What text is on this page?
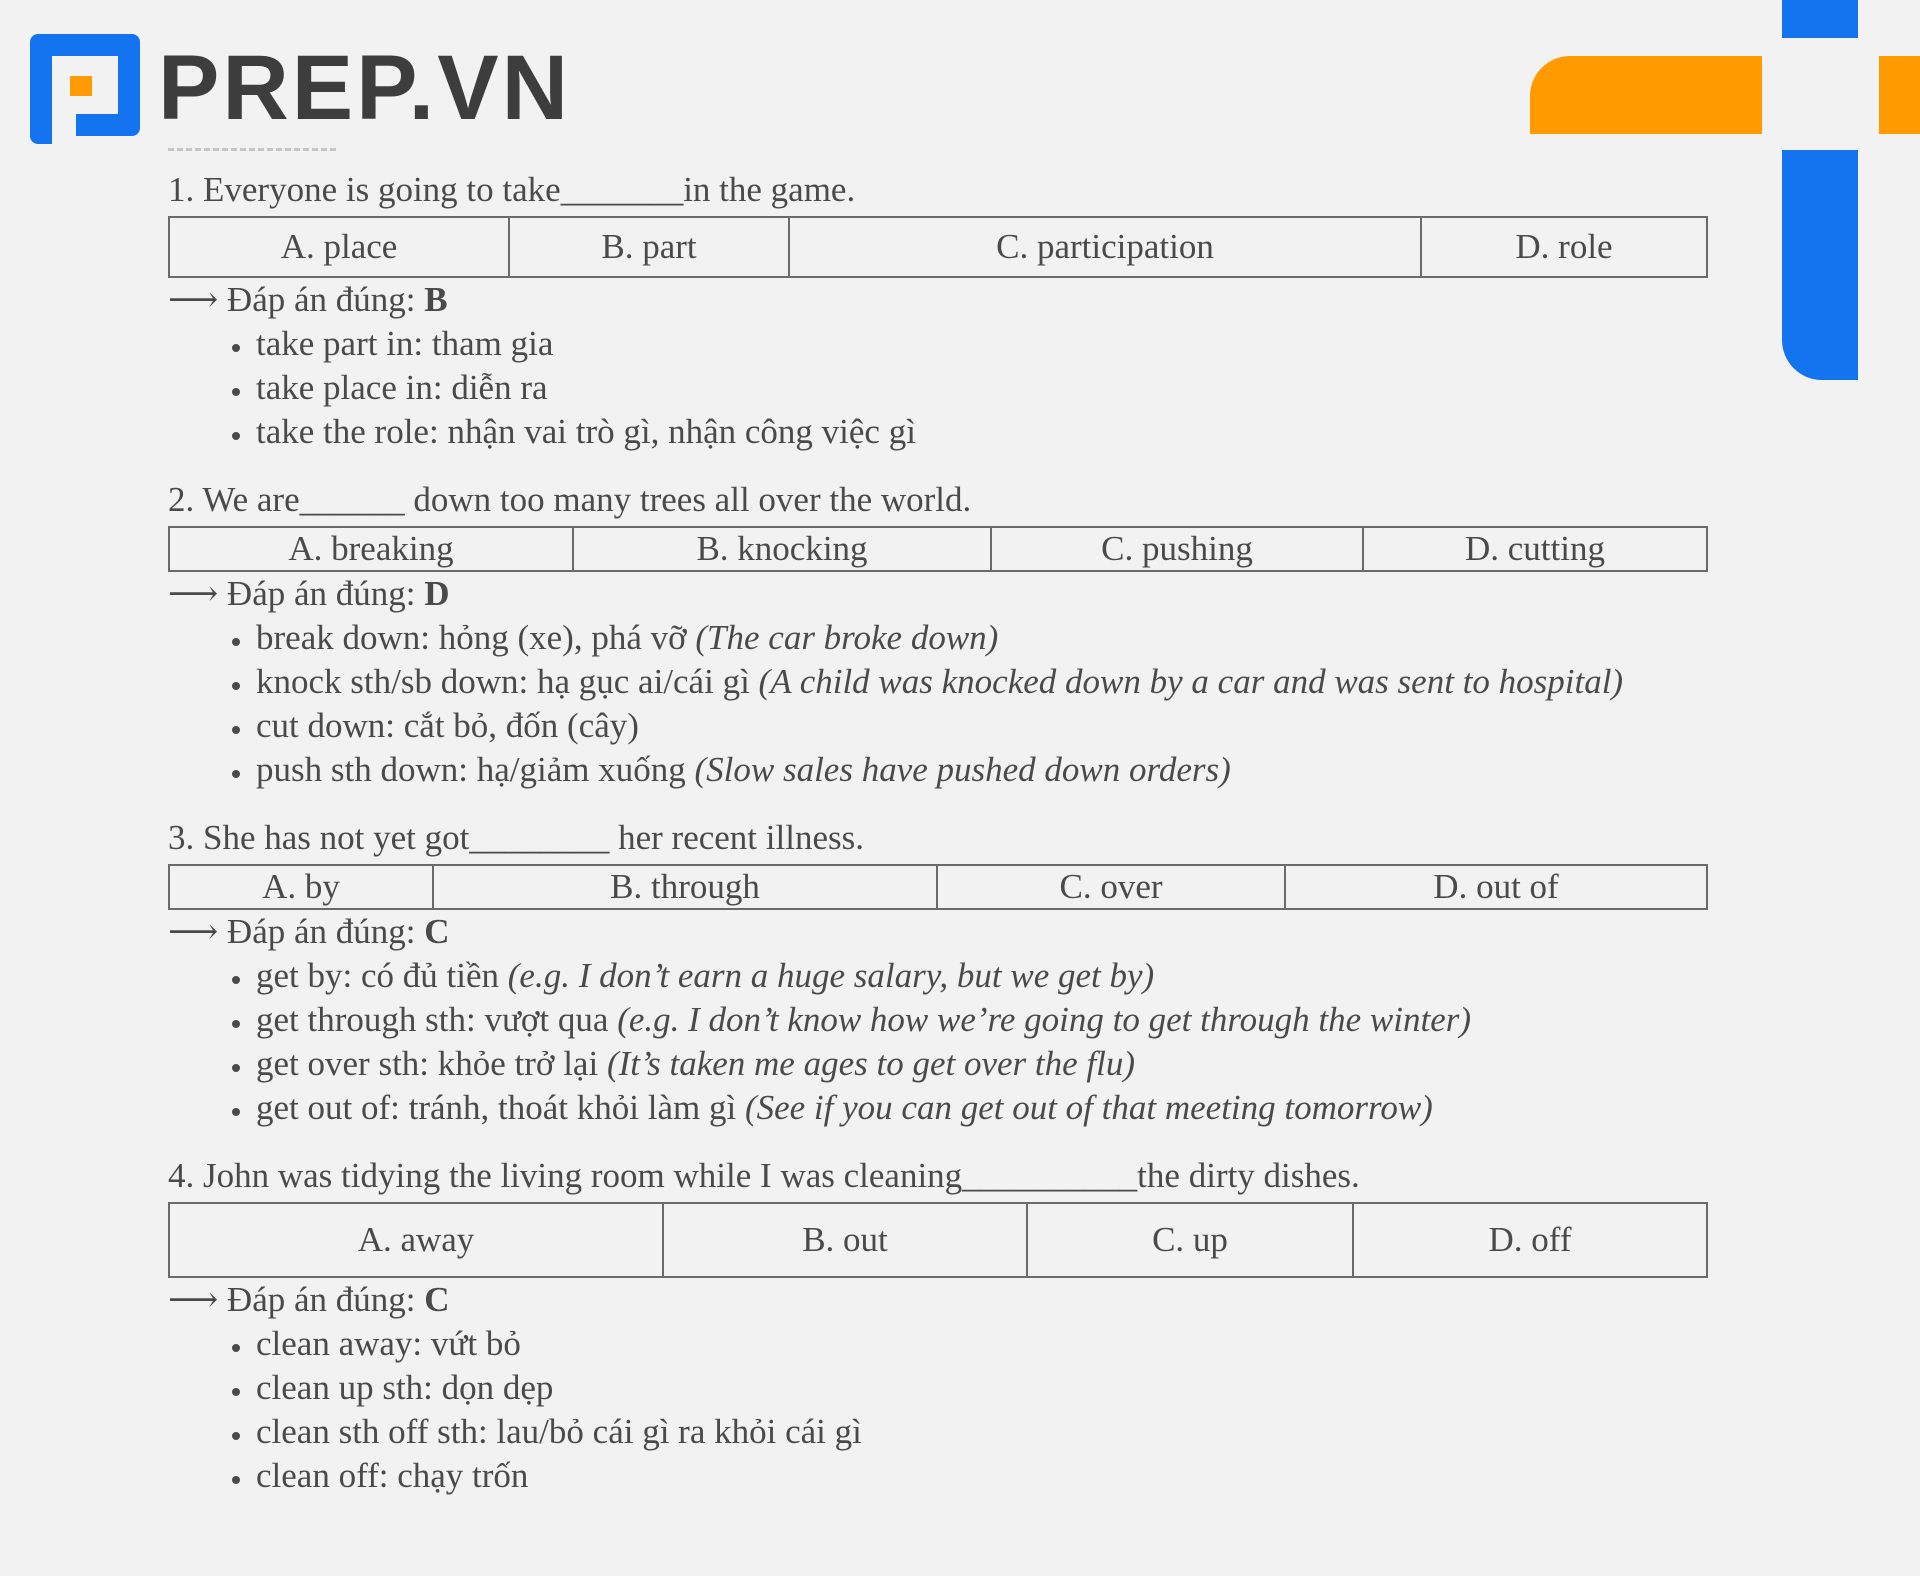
PREP.VN

1. Everyone is going to take_______in the game.

A. place	B. part	C. participation	D. role

⟶ Đáp án đúng: B

• take part in: tham gia
• take place in: diễn ra
• take the role: nhận vai trò gì, nhận công việc gì

2. We are______ down too many trees all over the world.

A. breaking	B. knocking	C. pushing	D. cutting

⟶ Đáp án đúng: D

• break down: hỏng (xe), phá vỡ (The car broke down)
• knock sth/sb down: hạ gục ai/cái gì (A child was knocked down by a car and was sent to hospital)
• cut down: cắt bỏ, đốn (cây)
• push sth down: hạ/giảm xuống (Slow sales have pushed down orders)

3. She has not yet got________ her recent illness.

A. by	B. through	C. over	D. out of

⟶ Đáp án đúng: C

• get by: có đủ tiền (e.g. I don’t earn a huge salary, but we get by)
• get through sth: vượt qua (e.g. I don’t know how we’re going to get through the winter)
• get over sth: khỏe trở lại (It’s taken me ages to get over the flu)
• get out of: tránh, thoát khỏi làm gì (See if you can get out of that meeting tomorrow)

4. John was tidying the living room while I was cleaning__________the dirty dishes.

A. away	B. out	C. up	D. off

⟶ Đáp án đúng: C

• clean away: vứt bỏ
• clean up sth: dọn dẹp
• clean sth off sth: lau/bỏ cái gì ra khỏi cái gì
• clean off: chạy trốn
